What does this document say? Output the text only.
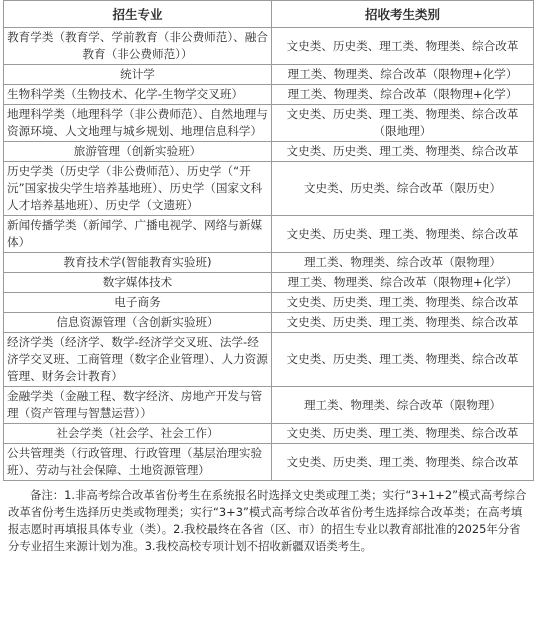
招生专业	招收考生类别
教育学类（教育学、学前教育（非公费师范）、融合教育（非公费师范））	文史类、历史类、理工类、物理类、综合改革
统计学	理工类、物理类、综合改革（限物理+化学）
生物科学类（生物技术、化学-生物学交叉班）	理工类、物理类、综合改革（限物理+化学）
地理科学类（地理科学（非公费师范）、自然地理与资源环境、人文地理与城乡规划、地理信息科学）	文史类、历史类、理工类、物理类、综合改革（限地理）
旅游管理（创新实验班）	文史类、历史类、理工类、物理类、综合改革
历史学类（历史学（非公费师范）、历史学（“开沅”国家拔尖学生培养基地班）、历史学（国家文科人才培养基地班）、历史学（文遗班）	文史类、历史类、综合改革（限历史）
新闻传播学类（新闻学、广播电视学、网络与新媒体）	文史类、历史类、理工类、物理类、综合改革
教育技术学(智能教育实验班)	理工类、物理类、综合改革（限物理）
数字媒体技术	理工类、物理类、综合改革（限物理+化学）
电子商务	文史类、历史类、理工类、物理类、综合改革
信息资源管理（含创新实验班）	文史类、历史类、理工类、物理类、综合改革
经济学类（经济学、数学-经济学交叉班、法学-经济学交叉班、工商管理（数字企业管理）、人力资源管理、财务会计教育）	文史类、历史类、理工类、物理类、综合改革
金融学类（金融工程、数字经济、房地产开发与管理（资产管理与智慧运营））	理工类、物理类、综合改革（限物理）
社会学类（社会学、社会工作）	文史类、历史类、理工类、物理类、综合改革
公共管理类（行政管理、行政管理（基层治理实验班）、劳动与社会保障、土地资源管理）	文史类、历史类、理工类、物理类、综合改革

备注：1.非高考综合改革省份考生在系统报名时选择文史类或理工类；实行“3+1+2”模式高考综合改革省份考生选择历史类或物理类；实行“3+3”模式高考综合改革省份考生选择综合改革类；在高考填报志愿时再填报具体专业（类）。2.我校最终在各省（区、市）的招生专业以教育部批准的2025年分省分专业招生来源计划为准。3.我校高校专项计划不招收新疆双语类考生。
